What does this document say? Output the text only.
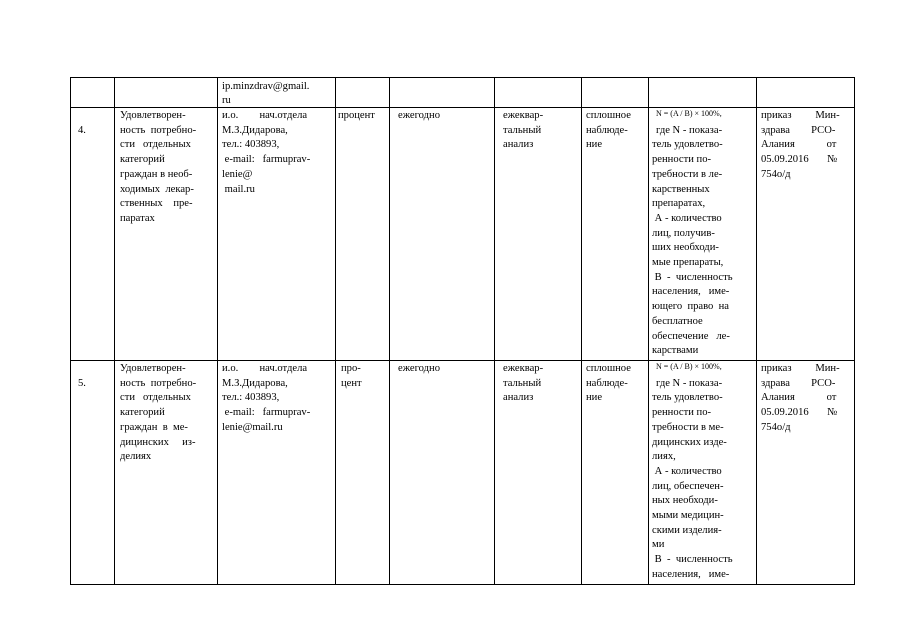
ip.minzdrav@gmail.
ru
4.
Удовлетворен-
ность  потребно-
сти   отдельных
категорий
граждан в необ-
ходимых  лекар-
ственных    пре-
паратах
и.о.        нач.отдела
М.З.Дидарова,
тел.: 403893,
e-mail:   farmuprav-
lenie@
mail.ru
процент ежегодно	ежеквар-
тальный
анализ
сплошное
наблюде-
ние
N = (A / B) × 100%,
где N - показа-
тель удовлетво-
ренности по-
требности в ле-
карственных
препаратах,
А - количество
лиц, получив-
ших необходи-
мые препараты,
В  -  численность
населения,   име-
ющего  право  на
бесплатное
обеспечение   ле-
карствами
приказ         Мин-
здрава        РСО-
Алания            от
05.09.2016       №
754о/д
5.
Удовлетворен-
ность  потребно-
сти   отдельных
категорий
граждан  в  ме-
дицинских     из-
делиях
и.о.        нач.отдела
М.З.Дидарова,
тел.: 403893,
e-mail:   farmuprav-
lenie@mail.ru
про-
цент
ежегодно	ежеквар-
тальный
анализ
сплошное
наблюде-
ние
N = (A / B) × 100%,
где N - показа-
тель удовлетво-
ренности по-
требности в ме-
дицинских изде-
лиях,
А - количество
лиц, обеспечен-
ных необходи-
мыми медицин-
скими изделия-
ми
В  -  численность
населения,   име-
приказ         Мин-
здрава        РСО-
Алания            от
05.09.2016       №
754о/д
